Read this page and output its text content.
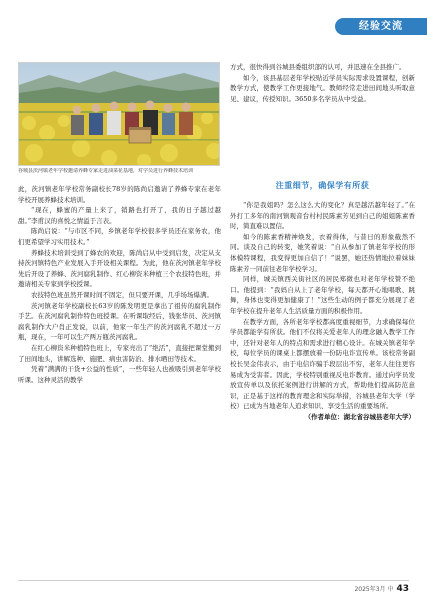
经验交流
谷城县茨河镇老年学校邀请养蜂专家走进油菜花基地，对学员进行养蜂技术培训

此，茨河镇老年学校常务副校长78岁的陈尚启邀请了养蜂专家在老年学校开展养蜂技术培训。

“现在，蜂蜜的产量上来了，销路也打开了，我的日子越过越甜。”李甫汉的喜悦之情溢于言表。

陈尚启说：“与市区不同，乡镇老年学校很多学员还在家务农，他们更希望学习实用技术。”

养蜂技术培训受到了蜂农的欢迎，陈尚启从中受到启发，决定从支持茨河镇特色产业发展入手开设相关课程。为此，他在茨河镇老年学校先后开设了养蜂、茨河腐乳制作、红心柳资米种植三个农技特色班，并邀请相关专家到学校授课。

农技特色班虽然开课时间不固定，但只要开课，几乎场场爆满。

茨河镇老年学校副校长63岁的陈发明更是拿出了祖传的腐乳制作手艺。在茨河腐乳制作特色班授课。在听课取经后，钱张华员、茨河镇腐乳制作大户肖正发说，以前，他家一年生产的茨河腐乳不超过一万瓶，现在，一年可以生产两万瓶茨河腐乳。

在红心柳资米种植特色班上，专家亮出了“绝活”，直接把课堂搬到了田间地头，讲解选种、施肥、病虫害防治、排水晒田等技术。

凭着“满满的干货+公益的性质”，一些年轻人也被吸引到老年学校听课。这种灵活的教学

方式，很快得到谷城县委组织部的认可，并迅速在全县推广。

如今，该县基层老年学校贴近学员实际需求设置课程，创新教学方式，使教学工作更接地气。教师经常走进田间地头听取意见、建议，传授知识。3650多名学员从中受益。

注重细节，确保学有所获

“你是我姐吗？怎么这么大的变化？真是越活越年轻了。”在外打工多年的南河镇观音台村村民陈素芳见到自己的姐姐陈素香时，简直难以置信。

如今的陈素香精神焕发，衣着得体，与昔日的形象截然不同。谈及自己的转变，她笑着说：“自从参加了镇老年学校的形体模特课程，我变得更加自信了！”说罢，她还热情地拉着妹妹陈素芳一同前往老年学校学习。

同样，城关镇西关街社区的居民郑微也对老年学校赞不绝口。他提到：“我妈自从上了老年学校，每天都开心地唱歌、跳舞，身体也变得更加健康了！”这些生动的例子都充分展现了老年学校在提升老年人生活质量方面的积极作用。

在教学方面，各所老年学校都高度重视细节，力求确保每位学员都能学有所获。他们不仅将关爱老年人的理念融入教学工作中，还针对老年人的特点和需求进行精心设计。在城关镇老年学校，每位学员的课桌上都摆放着一份防电诈宣传单。该校常务副校长吴金伟表示，由于电信诈骗手段层出不穷，老年人往往更容易成为受害者。因此，学校特别重视反电诈教育。通过向学员发放宣传单以及依托案例进行讲解的方式，帮助他们提高防范意识，正是基于这样的教育理念和实际举措，谷城县老年大学（学校）已成为当地老年人追求知识、享受生活的重要场所。

（作者单位：湖北省谷城县老年大学）
2025年3月 中 43
